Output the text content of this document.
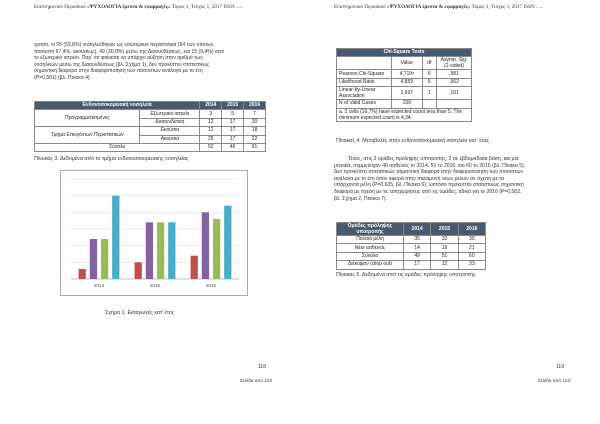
Επιστημονικό Περιοδικό «ΨΥΧΟΛΟΓΙΑ έρευνα & εφαρμογές» Τόμος 1, Τεύχος 1, 2017 ISSN .....
τριτάτι, οι 95 (59,8%) νοσηλεύθηκαν ως εσωτερικοί περιστατικά (64 των οποίων,
ποσοστό 67,4%, ακουσίως), 49 (30,8%) μέσω της Διασυνδέσεως, και 15 (9,4%) από
το εξωτερικό ιατρείο. Παρ' ότι φαίνεται να υπάρχει αύξηση στον αριθμό των
νοσηλειών μέσω της Διασυνδέσεως (βλ. Σχήμα 1), δεν προκύπτει στατιστικώς
σημαντική διαφορά στην διαφοροποίηση των ποσοστών ανάλογα με το έτη
(P=0,581) (βλ. Πίνακα 4).
Ενδονοσοκομειακή νοσηλεία		2014	2015	2016
Προγραμματισμένες	Εξωτερικό ιατρείο	3	5	7
	Διασυνδετική	12	17	20
Τμήμα Επειγόντων Περιστατικών	Εκούσια	12	17	18
	Ακούσια	25	17	22
Σύνολο		52	46	61
Πίνακας 3. Δεδομένα από το τμήμα ενδονοσοκομειακής νοσηλείας
2014	2015	2016
Σχήμα 1. Εισαγωγές κατ' έτος
118
Σελίδα από 123
Επιστημονικό Περιοδικό «ΨΥΧΟΛΟΓΙΑ έρευνα & εφαρμογές» Τόμος 1, Τεύχος 1, 2017 ISSN .....
Chi-Square Tests			
	Value	df	Asymp. Sig. (2-sided)
Pearson Chi-Square	4,719ᵃ	6	,581
Likelihood Ratio	4,859	6	,562
Linear-by-Linear Association	2,697	1	,101
N of Valid Cases	159		
a. 2 cells (16,7%) have expected count less than 5. The minimum expected count is 4,34.			
Πίνακας 4. Μεταβολές στην ενδονοσοκομειακή νοσηλεία κατ' έτος
Τέλος, στις 3 ομάδες πρόληψης υποτροπής, 2 σε εβδομαδιαία βάση, και μία
μηνιαία, συμμετείχαν 49 ασθενείς το 2014, 51 το 2015, και 60 το 2016 (βλ. Πίνακα 5).
Δεν προκύπτει στατιστικώς σημαντική διαφορά στην διαφοροποίηση των ποσοστών
ανάλογα με το έτη όσον αφορά στην παραμονή νέων μελών σε σχέση με τα
υπάρχοντα μέλη (P=0,635, βλ. Πίνακα 6), ωστόσο προκύπτει στατιστικώς σημαντική
διαφορά με σχέση με τις αποχωρήσεις από τις ομάδες, αδικά για το 2016 (P=0,002,
βλ. Σχήμα 2, Πίνακα 7).
Ομάδες πρόληψης υποτροπής	2014	2015	2016
Παλαιά μέλη	35	32	39
Νέοι ασθενείς	14	19	21
Σύνολο	49	51	60
Διέκοψαν (drop out)	17	12	33
Πίνακας 5. Δεδομένα από τις ομάδες πρόληψης υποτροπής
119
Σελίδα από 123
